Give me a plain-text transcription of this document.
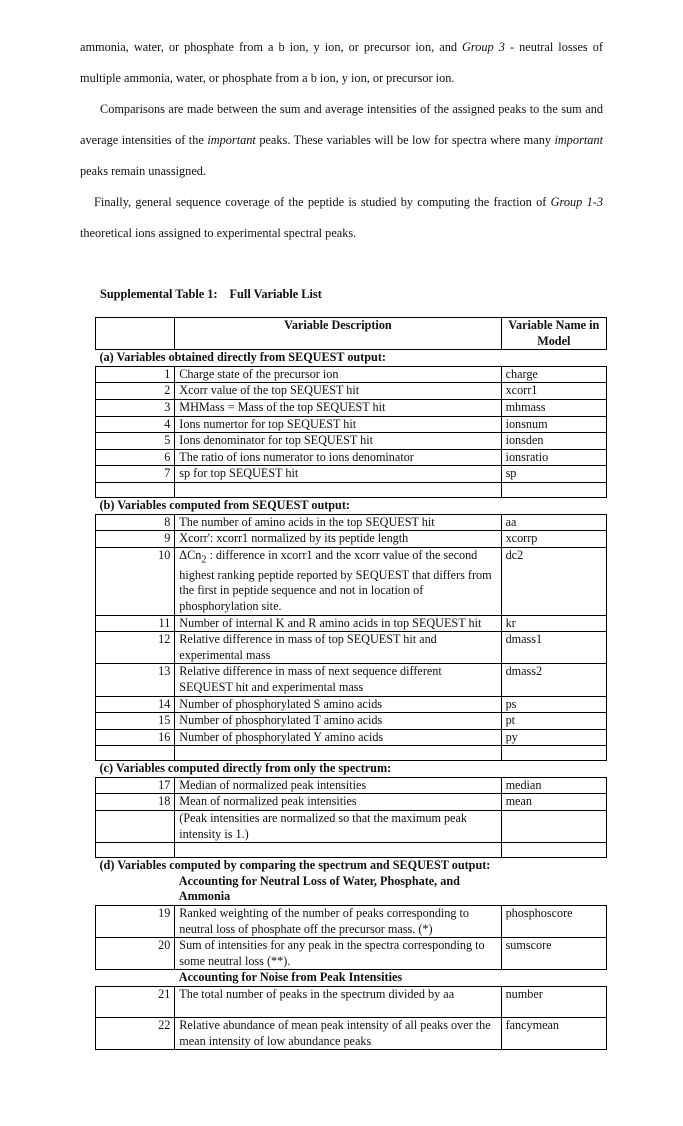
ammonia, water, or phosphate from a b ion, y ion, or precursor ion, and Group 3 - neutral losses of multiple ammonia, water, or phosphate from a b ion, y ion, or precursor ion.

Comparisons are made between the sum and average intensities of the assigned peaks to the sum and average intensities of the important peaks. These variables will be low for spectra where many important peaks remain unassigned.

Finally, general sequence coverage of the peptide is studied by computing the fraction of Group 1-3 theoretical ions assigned to experimental spectral peaks.

Supplemental Table 1: Full Variable List

	Variable Description	Variable Name in Model
(a) Variables obtained directly from SEQUEST output:		
1	Charge state of the precursor ion	charge
2	Xcorr value of the top SEQUEST hit	xcorr1
3	MHMass = Mass of the top SEQUEST hit	mhmass
4	Ions numertor for top SEQUEST hit	ionsnum
5	Ions denominator for top SEQUEST hit	ionsden
6	The ratio of ions numerator to ions denominator	ionsratio
7	sp for top SEQUEST hit	sp

(b) Variables computed from SEQUEST output:		
8	The number of amino acids in the top SEQUEST hit	aa
9	Xcorr': xcorr1 normalized by its peptide length	xcorrp
10	ΔCn$_2$ : difference in xcorr1 and the xcorr value of the second highest ranking peptide reported by SEQUEST that differs from the first in peptide sequence and not in location of phosphorylation site.	dc2
11	Number of internal K and R amino acids in top SEQUEST hit	kr
12	Relative difference in mass of top SEQUEST hit and experimental mass	dmass1
13	Relative difference in mass of next sequence different SEQUEST hit and experimental mass	dmass2
14	Number of phosphorylated S amino acids	ps
15	Number of phosphorylated T amino acids	pt
16	Number of phosphorylated Y amino acids	py

(c) Variables computed directly from only the spectrum:		
17	Median of normalized peak intensities	median
18	Mean of normalized peak intensities	mean
	(Peak intensities are normalized so that the maximum peak intensity is 1.)	

(d) Variables computed by comparing the spectrum and SEQUEST output:		
	Accounting for Neutral Loss of Water, Phosphate, and Ammonia	
19	Ranked weighting of the number of peaks corresponding to neutral loss of phosphate off the precursor mass. (*)	phosphoscore
20	Sum of intensities for any peak in the spectra corresponding to some neutral loss (**).	sumscore
	Accounting for Noise from Peak Intensities	
21	The total number of peaks in the spectrum divided by aa	number
22	Relative abundance of mean peak intensity of all peaks over the mean intensity of low abundance peaks	fancymean
